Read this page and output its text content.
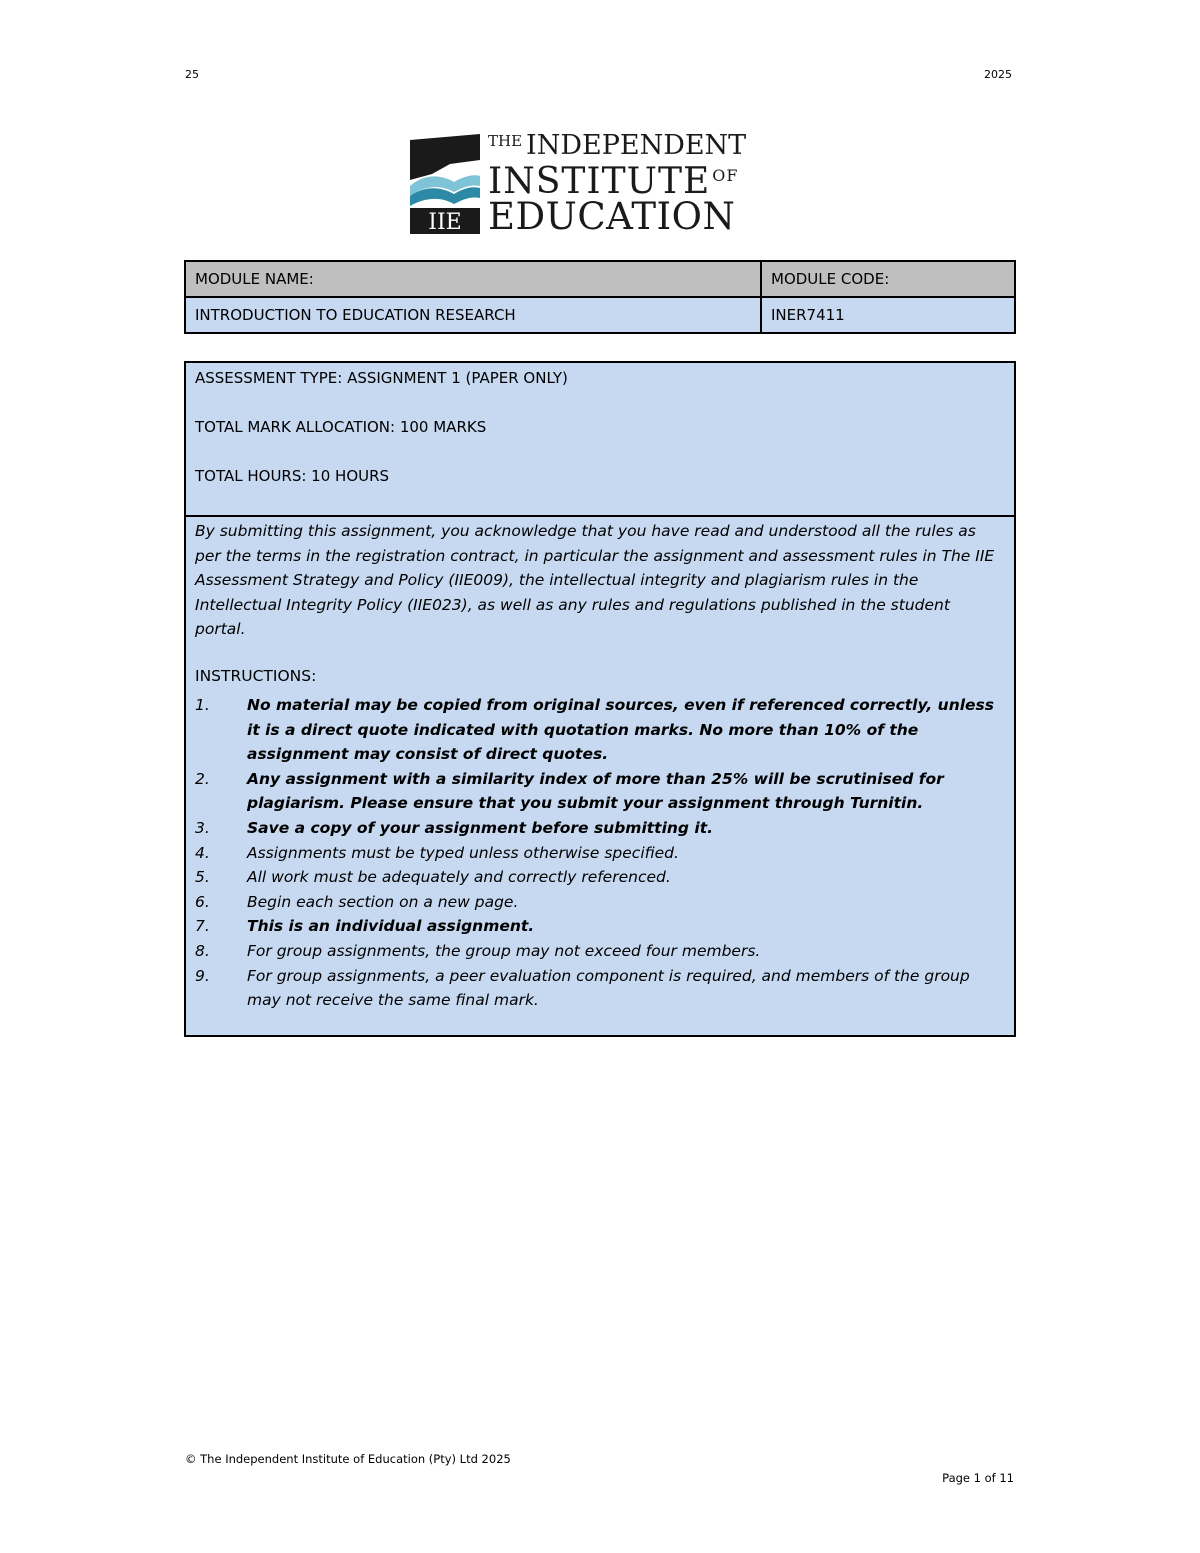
25	2025
IIE
$^{THE}$ INDEPENDENT
INSTITUTE $^{OF}$
EDUCATION
MODULE NAME:	MODULE CODE:
INTRODUCTION TO EDUCATION RESEARCH	INER7411

ASSESSMENT TYPE: ASSIGNMENT 1 (PAPER ONLY)

TOTAL MARK ALLOCATION: 100 MARKS

TOTAL HOURS: 10 HOURS

By submitting this assignment, you acknowledge that you have read and understood all the rules as per the terms in the registration contract, in particular the assignment and assessment rules in The IIE Assessment Strategy and Policy (IIE009), the intellectual integrity and plagiarism rules in the Intellectual Integrity Policy (IIE023), as well as any rules and regulations published in the student portal.

INSTRUCTIONS:

1.	No material may be copied from original sources, even if referenced correctly, unless it is a direct quote indicated with quotation marks. No more than 10% of the assignment may consist of direct quotes.
2.	Any assignment with a similarity index of more than 25% will be scrutinised for plagiarism. Please ensure that you submit your assignment through Turnitin.
3.	Save a copy of your assignment before submitting it.
4.	Assignments must be typed unless otherwise specified.
5.	All work must be adequately and correctly referenced.
6.	Begin each section on a new page.
7.	This is an individual assignment.
8.	For group assignments, the group may not exceed four members.
9.	For group assignments, a peer evaluation component is required, and members of the group may not receive the same final mark.
© The Independent Institute of Education (Pty) Ltd 2025
Page 1 of 11
